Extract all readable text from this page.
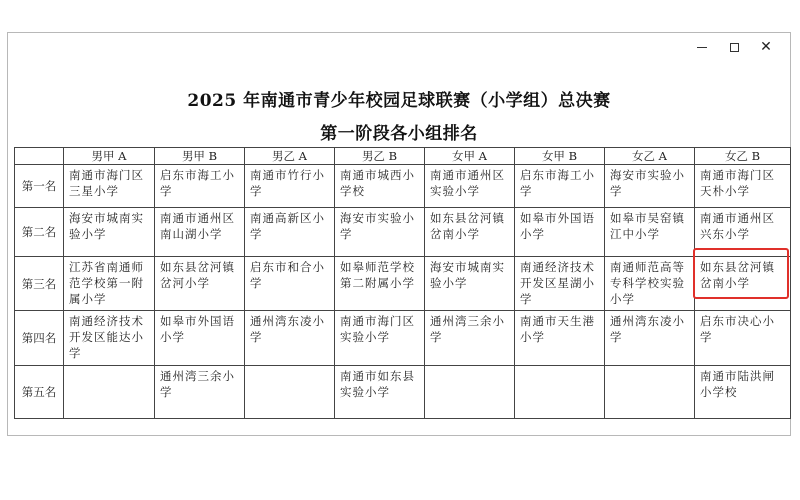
✕
2025 年南通市青少年校园足球联赛（小学组）总决赛
第一阶段各小组排名
	男甲 A	男甲 B	男乙 A	男乙 B	女甲 A	女甲 B	女乙 A	女乙 B
第一名	南通市海门区三星小学	启东市海工小学	南通市竹行小学	南通市城西小学校	南通市通州区实验小学	启东市海工小学	海安市实验小学	南通市海门区天朴小学
第二名	海安市城南实验小学	南通市通州区南山湖小学	南通高新区小学	海安市实验小学	如东县岔河镇岔南小学	如皋市外国语小学	如皋市吴窑镇江中小学	南通市通州区兴东小学
第三名	江苏省南通师范学校第一附属小学	如东县岔河镇岔河小学	启东市和合小学	如皋师范学校第二附属小学	海安市城南实验小学	南通经济技术开发区星湖小学	南通师范高等专科学校实验小学	如东县岔河镇岔南小学
第四名	南通经济技术开发区能达小学	如皋市外国语小学	通州湾东凌小学	南通市海门区实验小学	通州湾三余小学	南通市天生港小学	通州湾东凌小学	启东市决心小学
第五名		通州湾三余小学		南通市如东县实验小学				南通市陆洪闸小学校
